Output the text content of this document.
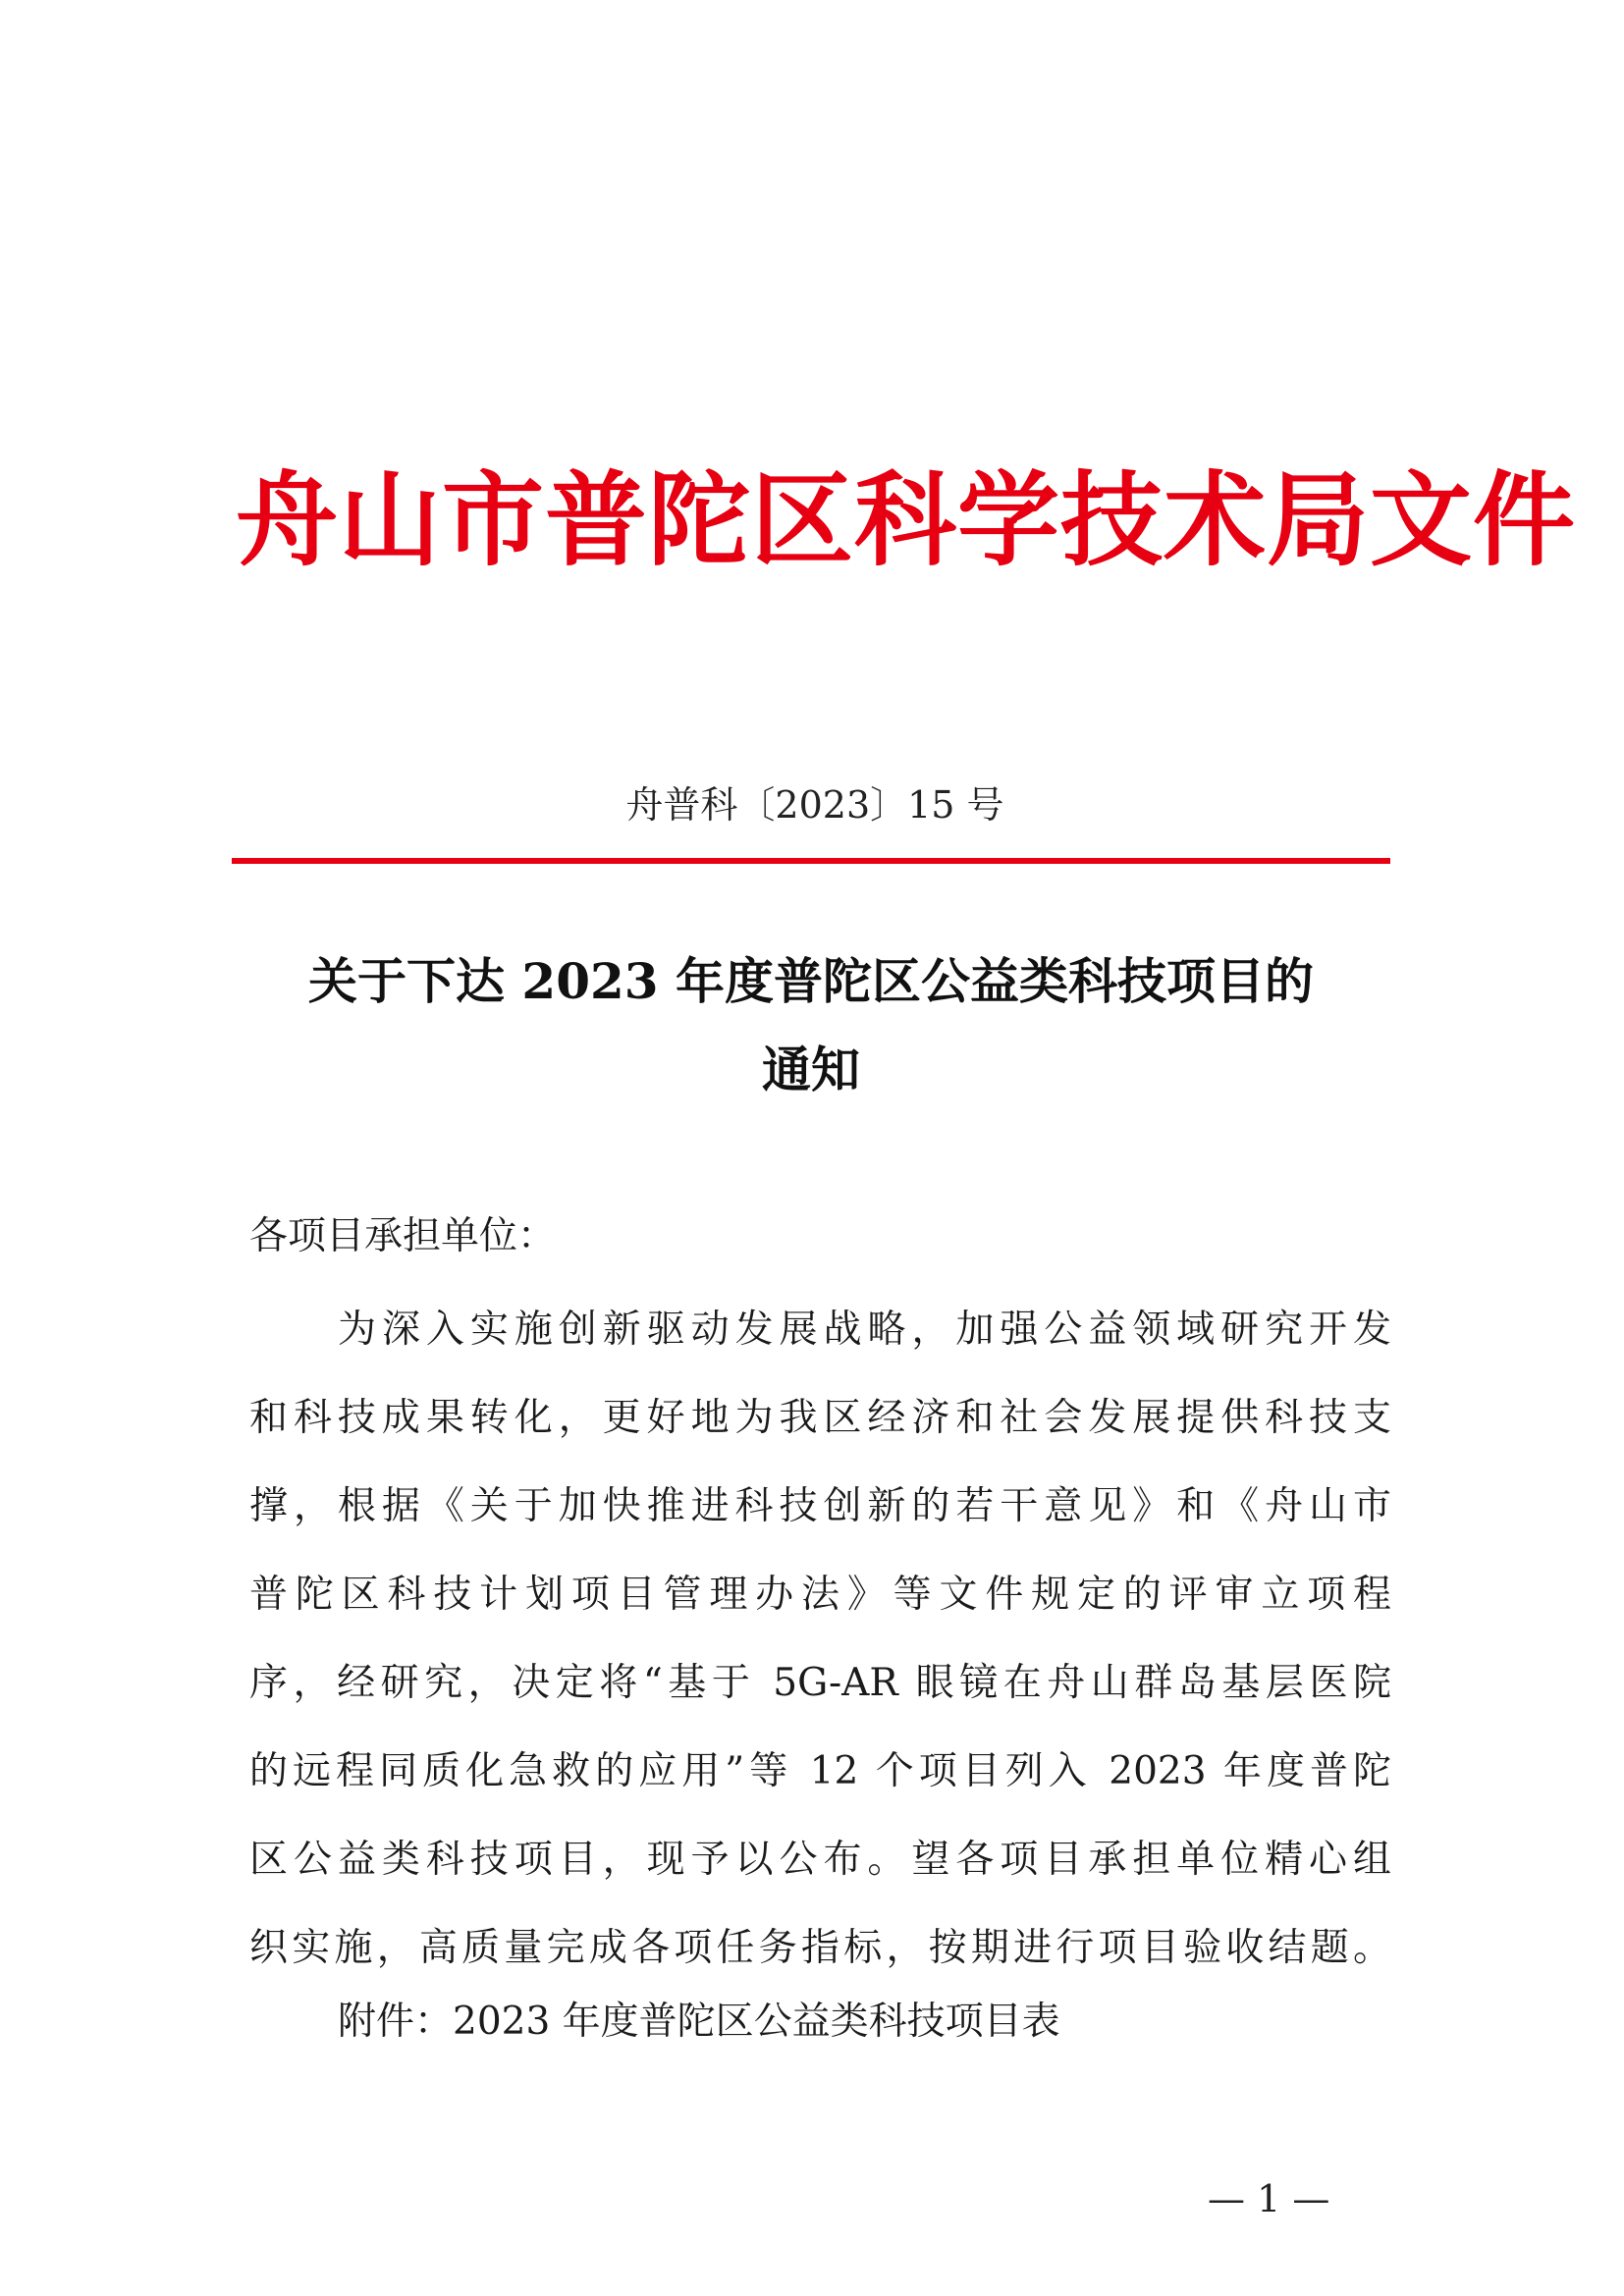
舟山市普陀区科学技术局文件
舟普科〔2023〕15 号
关于下达 2023 年度普陀区公益类科技项目的
通知
各项目承担单位：
为深入实施创新驱动发展战略，加强公益领域研究开发
和科技成果转化，更好地为我区经济和社会发展提供科技支
撑，根据《关于加快推进科技创新的若干意见》和《舟山市
普陀区科技计划项目管理办法》等文件规定的评审立项程
序，经研究，决定将“基于 5G-AR 眼镜在舟山群岛基层医院
的远程同质化急救的应用”等 12 个项目列入 2023 年度普陀
区公益类科技项目，现予以公布。望各项目承担单位精心组
织实施，高质量完成各项任务指标，按期进行项目验收结题。
附件：2023 年度普陀区公益类科技项目表
— 1 —
